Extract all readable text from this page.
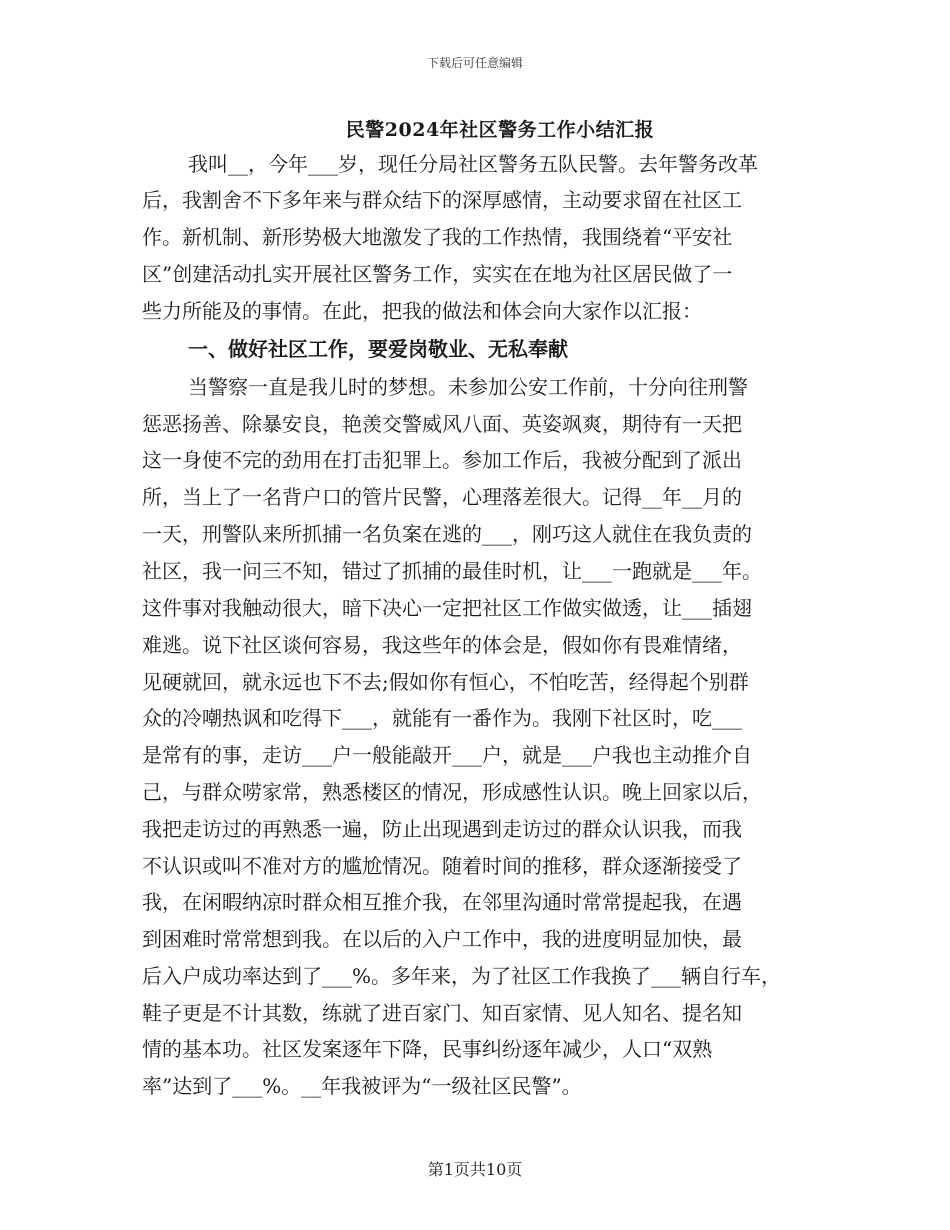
下载后可任意编辑
民警2024年社区警务工作小结汇报
我叫__，今年___岁，现任分局社区警务五队民警。去年警务改革
后，我割舍不下多年来与群众结下的深厚感情，主动要求留在社区工
作。新机制、新形势极大地激发了我的工作热情，我围绕着“平安社
区”创建活动扎实开展社区警务工作，实实在在地为社区居民做了一
些力所能及的事情。在此，把我的做法和体会向大家作以汇报：
一、做好社区工作，要爱岗敬业、无私奉献
当警察一直是我儿时的梦想。未参加公安工作前，十分向往刑警
惩恶扬善、除暴安良，艳羡交警威风八面、英姿飒爽，期待有一天把
这一身使不完的劲用在打击犯罪上。参加工作后，我被分配到了派出
所，当上了一名背户口的管片民警，心理落差很大。记得__年__月的
一天，刑警队来所抓捕一名负案在逃的___，刚巧这人就住在我负责的
社区，我一问三不知，错过了抓捕的最佳时机，让___一跑就是___年。
这件事对我触动很大，暗下决心一定把社区工作做实做透，让___插翅
难逃。说下社区谈何容易，我这些年的体会是，假如你有畏难情绪，
见硬就回，就永远也下不去;假如你有恒心，不怕吃苦，经得起个别群
众的冷嘲热讽和吃得下___，就能有一番作为。我刚下社区时，吃___
是常有的事，走访___户一般能敲开___户，就是___户我也主动推介自
己，与群众唠家常，熟悉楼区的情况，形成感性认识。晚上回家以后，
我把走访过的再熟悉一遍，防止出现遇到走访过的群众认识我，而我
不认识或叫不准对方的尴尬情况。随着时间的推移，群众逐渐接受了
我，在闲暇纳凉时群众相互推介我，在邻里沟通时常常提起我，在遇
到困难时常常想到我。在以后的入户工作中，我的进度明显加快，最
后入户成功率达到了___%。多年来，为了社区工作我换了___辆自行车，
鞋子更是不计其数，练就了进百家门、知百家情、见人知名、提名知
情的基本功。社区发案逐年下降，民事纠纷逐年减少，人口“双熟
率”达到了___%。__年我被评为“一级社区民警”。
第1页共10页
